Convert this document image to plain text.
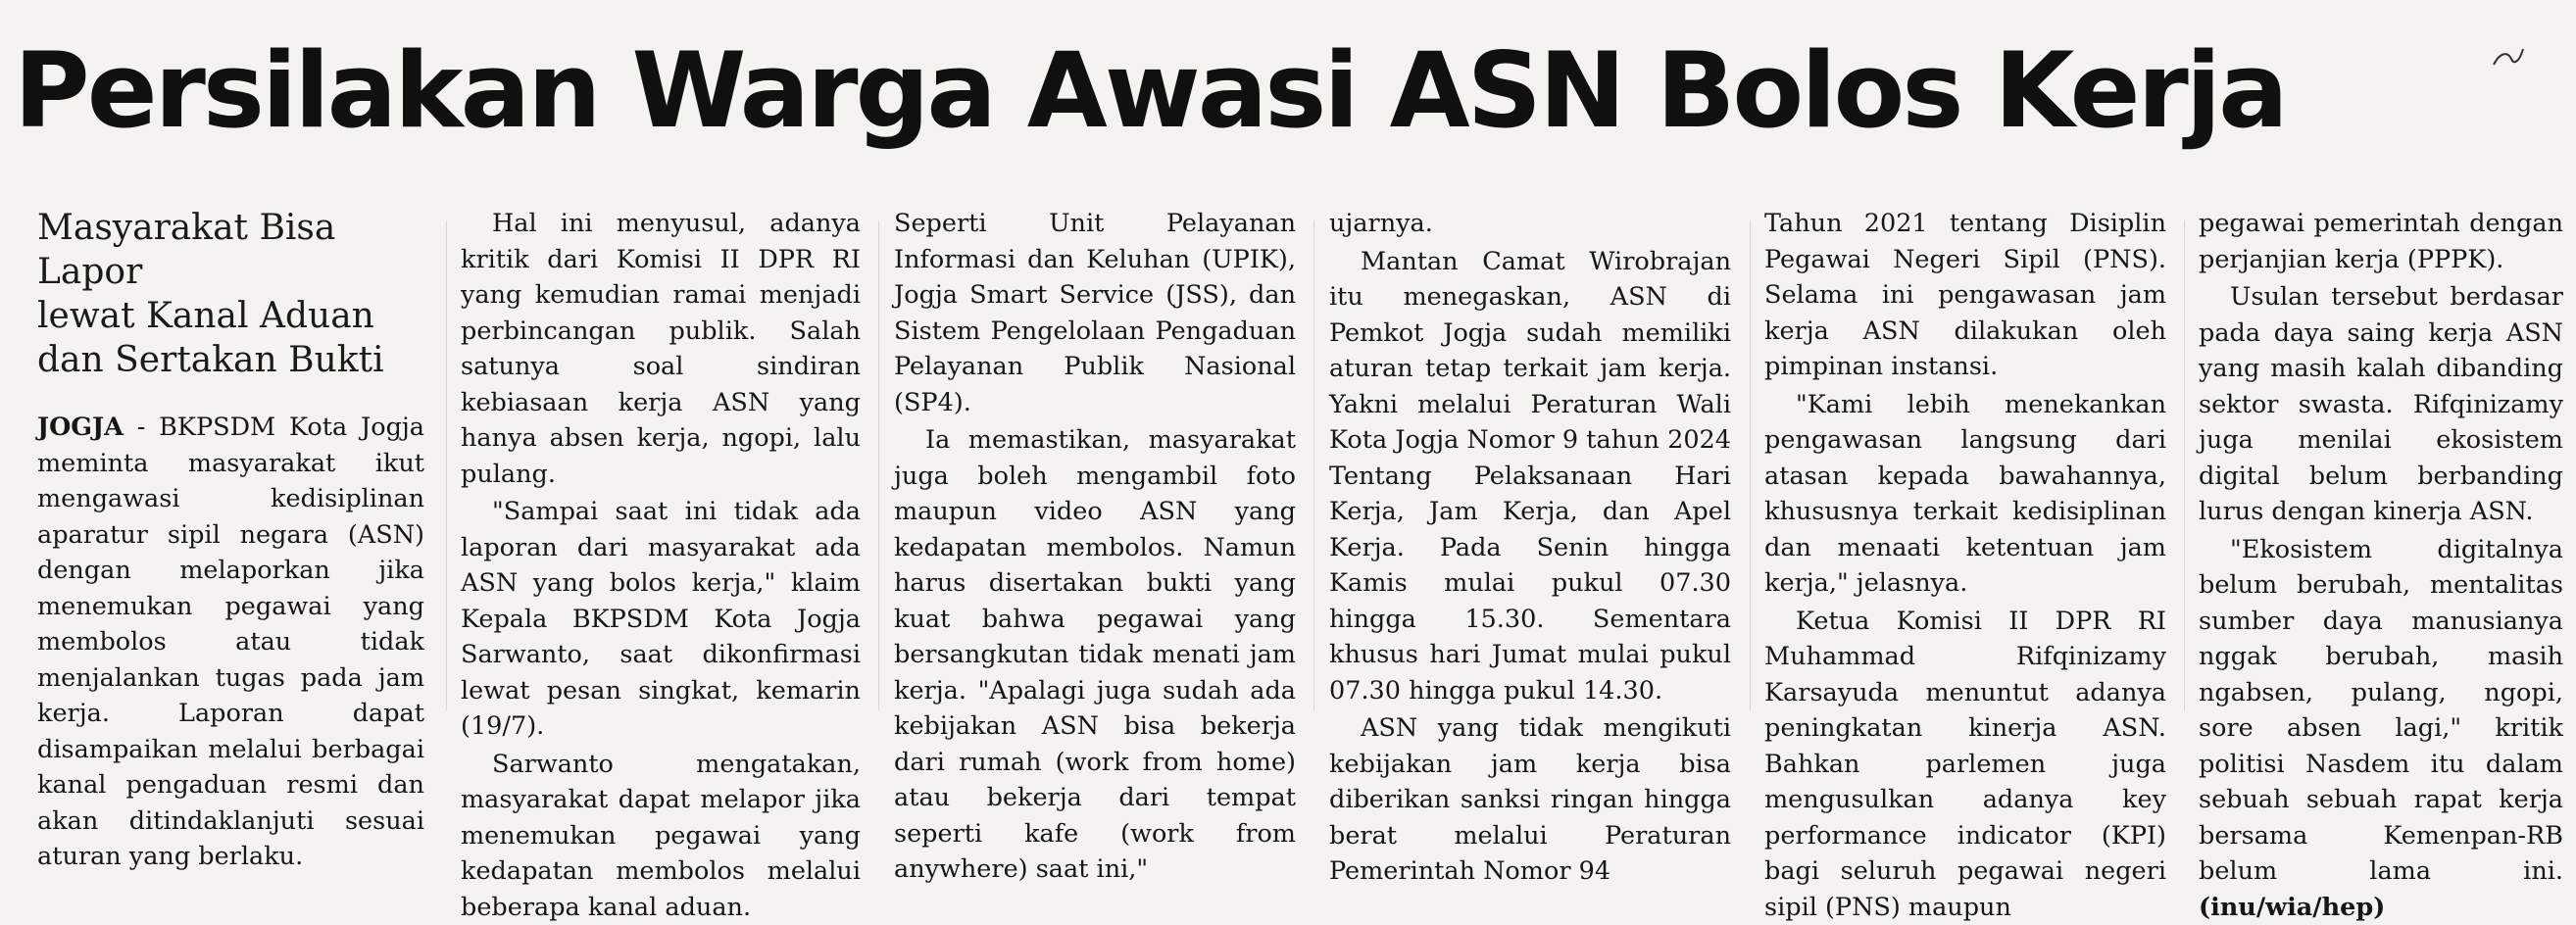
Persilakan Warga Awasi ASN Bolos Kerja
Masyarakat Bisa Lapor
lewat Kanal Aduan
dan Sertakan Bukti

JOGJA - BKPSDM Kota Jogja meminta masyarakat ikut mengawasi kedisiplinan aparatur sipil negara (ASN) dengan melaporkan jika menemukan pegawai yang membolos atau tidak menjalankan tugas pada jam kerja. Laporan dapat disampaikan melalui berbagai kanal pengaduan resmi dan akan ditindaklanjuti sesuai aturan yang berlaku.

Hal ini menyusul, adanya kritik dari Komisi II DPR RI yang kemudian ramai menjadi perbincangan publik. Salah satunya soal sindiran kebiasaan kerja ASN yang hanya absen kerja, ngopi, lalu pulang.

"Sampai saat ini tidak ada laporan dari masyarakat ada ASN yang bolos kerja," klaim Kepala BKPSDM Kota Jogja Sarwanto, saat dikonfirmasi lewat pesan singkat, kemarin (19/7).

Sarwanto mengatakan, masyarakat dapat melapor jika menemukan pegawai yang kedapatan membolos melalui beberapa kanal aduan.

Seperti Unit Pelayanan Informasi dan Keluhan (UPIK), Jogja Smart Service (JSS), dan Sistem Pengelolaan Pengaduan Pelayanan Publik Nasional (SP4).

Ia memastikan, masyarakat juga boleh mengambil foto maupun video ASN yang kedapatan membolos. Namun harus disertakan bukti yang kuat bahwa pegawai yang bersangkutan tidak menati jam kerja. "Apalagi juga sudah ada kebijakan ASN bisa bekerja dari rumah (work from home) atau bekerja dari tempat seperti kafe (work from anywhere) saat ini,"

ujarnya.

Mantan Camat Wirobrajan itu menegaskan, ASN di Pemkot Jogja sudah memiliki aturan tetap terkait jam kerja. Yakni melalui Peraturan Wali Kota Jogja Nomor 9 tahun 2024 Tentang Pelaksanaan Hari Kerja, Jam Kerja, dan Apel Kerja. Pada Senin hingga Kamis mulai pukul 07.30 hingga 15.30. Sementara khusus hari Jumat mulai pukul 07.30 hingga pukul 14.30.

ASN yang tidak mengikuti kebijakan jam kerja bisa diberikan sanksi ringan hingga berat melalui Peraturan Pemerintah Nomor 94

Tahun 2021 tentang Disiplin Pegawai Negeri Sipil (PNS). Selama ini pengawasan jam kerja ASN dilakukan oleh pimpinan instansi.

"Kami lebih menekankan pengawasan langsung dari atasan kepada bawahannya, khususnya terkait kedisiplinan dan menaati ketentuan jam kerja," jelasnya.

Ketua Komisi II DPR RI Muhammad Rifqinizamy Karsayuda menuntut adanya peningkatan kinerja ASN. Bahkan parlemen juga mengusulkan adanya key performance indicator (KPI) bagi seluruh pegawai negeri sipil (PNS) maupun

pegawai pemerintah dengan perjanjian kerja (PPPK).

Usulan tersebut berdasar pada daya saing kerja ASN yang masih kalah dibanding sektor swasta. Rifqinizamy juga menilai ekosistem digital belum berbanding lurus dengan kinerja ASN.

"Ekosistem digitalnya belum berubah, mentalitas sumber daya manusianya nggak berubah, masih ngabsen, pulang, ngopi, sore absen lagi," kritik politisi Nasdem itu dalam sebuah sebuah rapat kerja bersama Kemenpan-RB belum lama ini. (inu/wia/hep)
